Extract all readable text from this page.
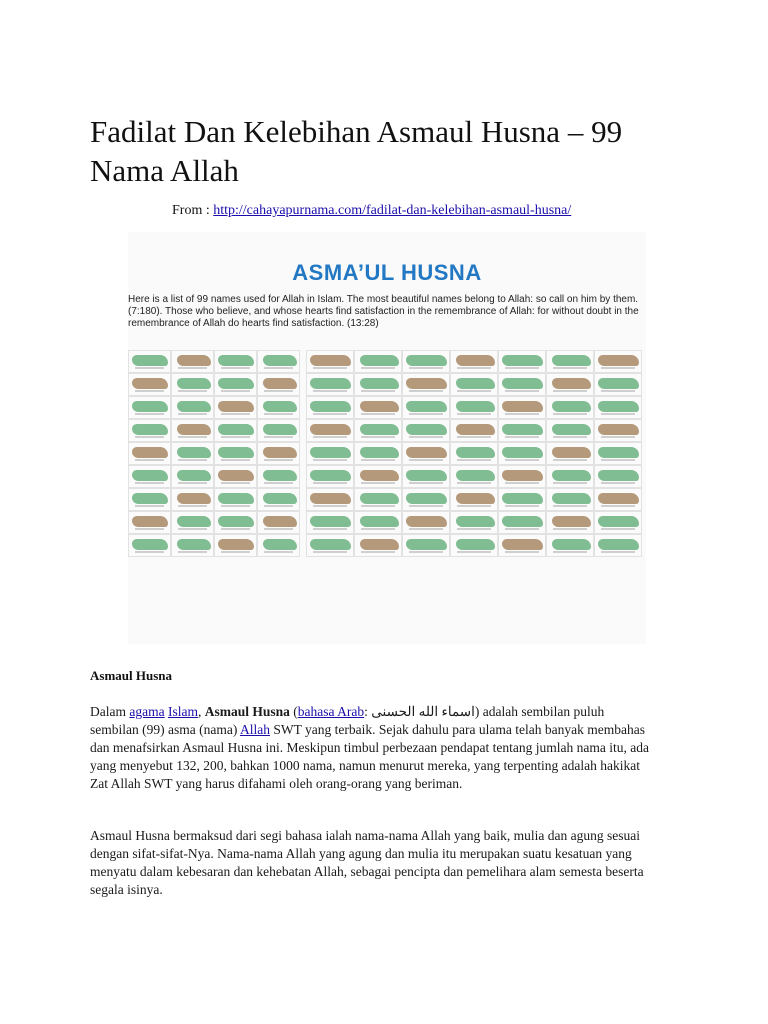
Fadilat Dan Kelebihan Asmaul Husna – 99 Nama Allah
From : http://cahayapurnama.com/fadilat-dan-kelebihan-asmaul-husna/
ASMA’UL HUSNA
Here is a list of 99 names used for Allah in Islam. The most beautiful names belong to Allah: so call on him by them. (7:180). Those who believe, and whose hearts find satisfaction in the remembrance of Allah: for without doubt in the remembrance of Allah do hearts find satisfaction. (13:28)
Asmaul Husna

Dalam agama Islam, Asmaul Husna (bahasa Arab: اسماء الله الحسنى) adalah sembilan puluh sembilan (99) asma (nama) Allah SWT yang terbaik. Sejak dahulu para ulama telah banyak membahas dan menafsirkan Asmaul Husna ini. Meskipun timbul perbezaan pendapat tentang jumlah nama itu, ada yang menyebut 132, 200, bahkan 1000 nama, namun menurut mereka, yang terpenting adalah hakikat Zat Allah SWT yang harus difahami oleh orang-orang yang beriman.

Asmaul Husna bermaksud dari segi bahasa ialah nama-nama Allah yang baik, mulia dan agung sesuai dengan sifat-sifat-Nya. Nama-nama Allah yang agung dan mulia itu merupakan suatu kesatuan yang menyatu dalam kebesaran dan kehebatan Allah, sebagai pencipta dan pemelihara alam semesta beserta segala isinya.
